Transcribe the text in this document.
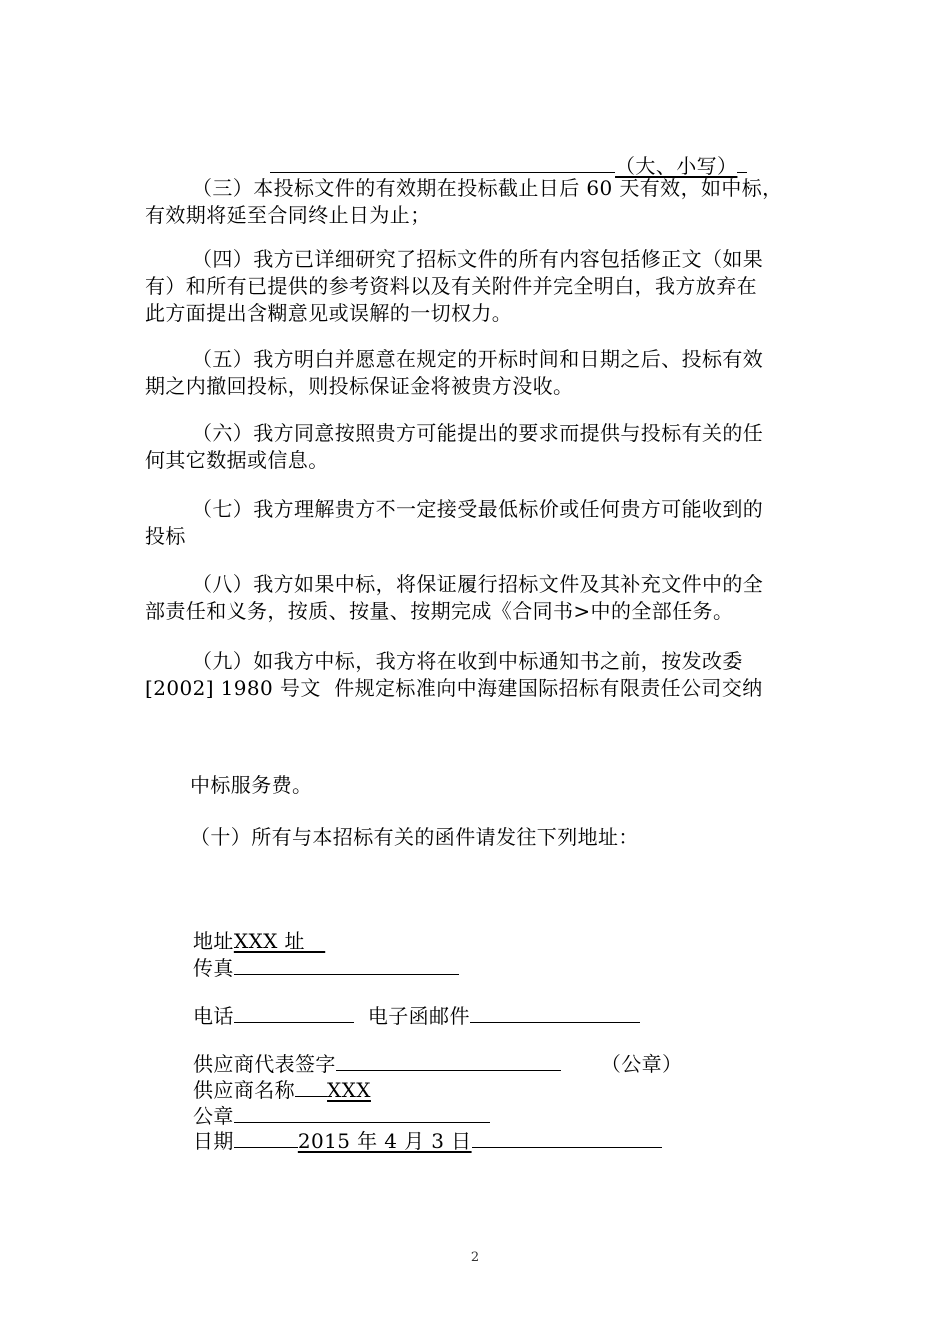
（大、小写）

（三）本投标文件的有效期在投标截止日后 60 天有效，如中标，
有效期将延至合同终止日为止；
（四）我方已详细研究了招标文件的所有内容包括修正文（如果
有）和所有已提供的参考资料以及有关附件并完全明白，我方放弃在
此方面提出含糊意见或误解的一切权力。
（五）我方明白并愿意在规定的开标时间和日期之后、投标有效
期之内撤回投标，则投标保证金将被贵方没收。
（六）我方同意按照贵方可能提出的要求而提供与投标有关的任
何其它数据或信息。
（七）我方理解贵方不一定接受最低标价或任何贵方可能收到的
投标
（八）我方如果中标，将保证履行招标文件及其补充文件中的全
部责任和义务，按质、按量、按期完成《合同书>中的全部任务。
（九）如我方中标，我方将在收到中标通知书之前，按发改委
[2002] 1980 号文  件规定标准向中海建国际招标有限责任公司交纳
中标服务费。
（十）所有与本招标有关的函件请发往下列地址：

地址XXX 址

传真

电话	电子函邮件

供应商代表签字	（公章）

供应商名称 XXX

公章

日期	2015 年 4 月 3 日

2
